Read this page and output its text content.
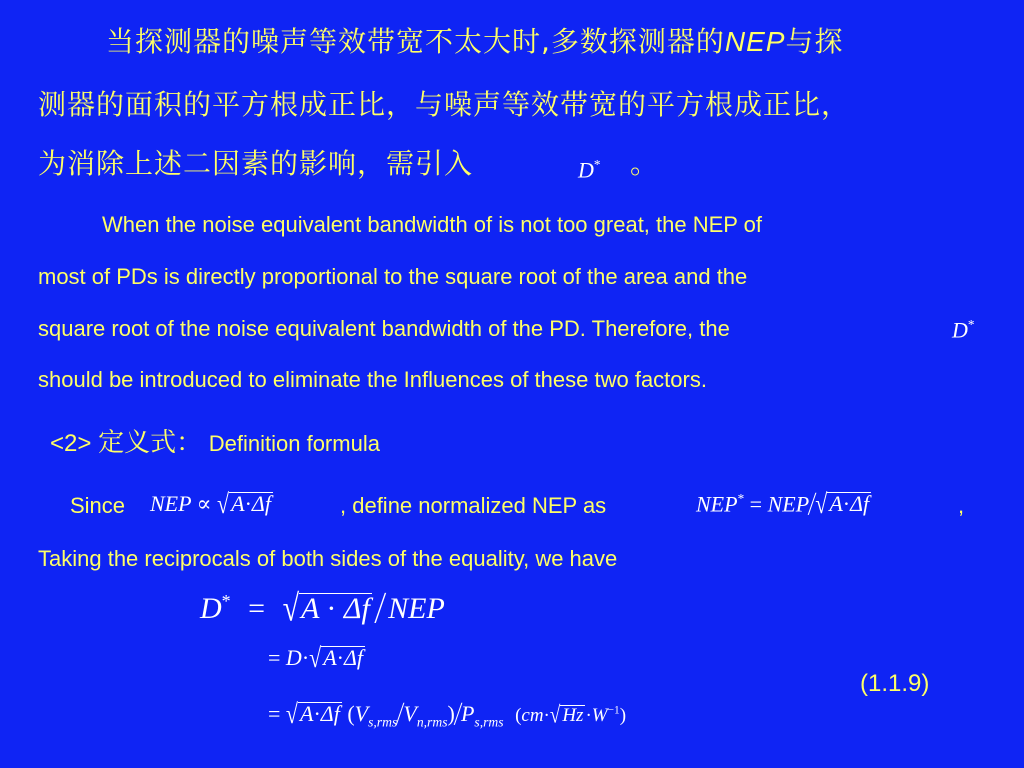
当探测器的噪声等效带宽不太大时,多数探测器的NEP与探
测器的面积的平方根成正比，与噪声等效带宽的平方根成正比，
为消除上述二因素的影响，需引入	D* 。
When the noise equivalent bandwidth of is not too great, the NEP of
most of PDs is directly proportional to the square root of the area and the
square root of the noise equivalent bandwidth of the PD. Therefore, the	D*
should be introduced to eliminate the Influences of these two factors.
<2> 定义式： Definition formula
Since NEP ∝ √A·Δf	, define normalized NEP as	NEP* = NEP/√A·Δf	,
Taking the reciprocals of both sides of the equality, we have
D* = √A · Δf /NEP
= D·√A·Δf
(1.1.9)
= √A·Δf $(V_{s,rms}/V_{n,rms})/P_{s,rms}$ (cm·√ $Hz \cdot W^{-1}$)
